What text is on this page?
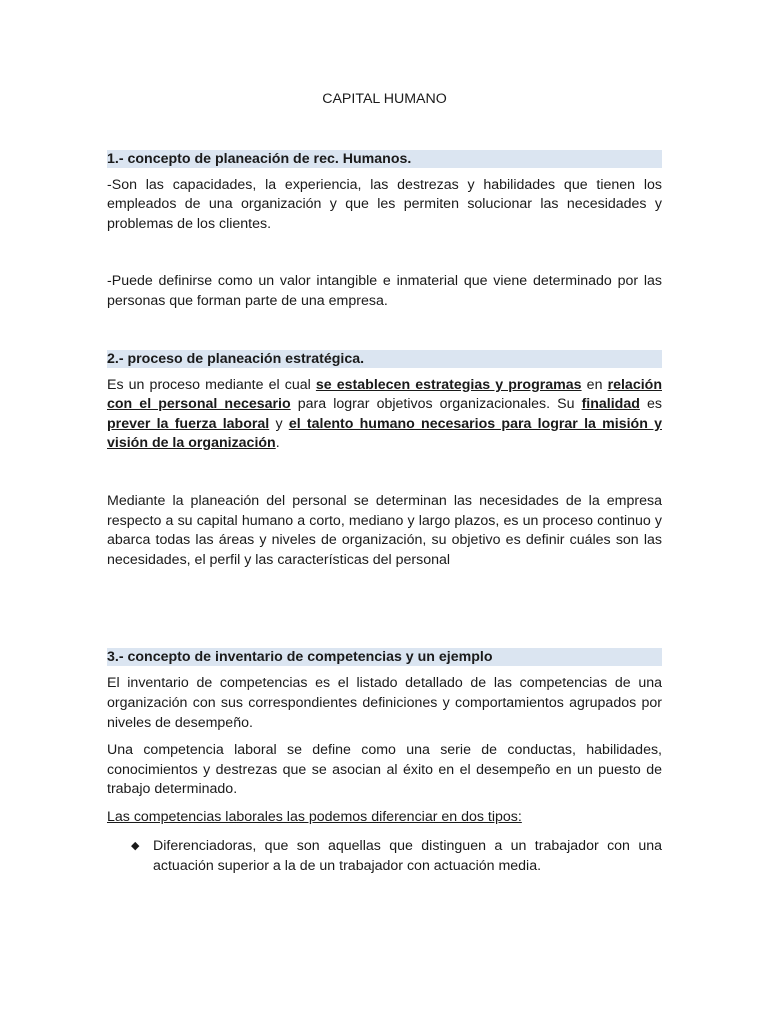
CAPITAL HUMANO
1.- concepto de planeación de rec. Humanos.

-Son las capacidades, la experiencia, las destrezas y habilidades que tienen los empleados de una organización y que les permiten solucionar las necesidades y problemas de los clientes.

-Puede definirse como un valor intangible e inmaterial que viene determinado por las personas que forman parte de una empresa.

2.- proceso de planeación estratégica.

Es un proceso mediante el cual se establecen estrategias y programas en relación con el personal necesario para lograr objetivos organizacionales. Su finalidad es prever la fuerza laboral y el talento humano necesarios para lograr la misión y visión de la organización.

Mediante la planeación del personal se determinan las necesidades de la empresa respecto a su capital humano a corto, mediano y largo plazos, es un proceso continuo y abarca todas las áreas y niveles de organización, su objetivo es definir cuáles son las necesidades, el perfil y las características del personal

3.- concepto de inventario de competencias y un ejemplo

El inventario de competencias es el listado detallado de las competencias de una organización con sus correspondientes definiciones y comportamientos agrupados por niveles de desempeño.

Una competencia laboral se define como una serie de conductas, habilidades, conocimientos y destrezas que se asocian al éxito en el desempeño en un puesto de trabajo determinado.

Las competencias laborales las podemos diferenciar en dos tipos:

◆ Diferenciadoras, que son aquellas que distinguen a un trabajador con una actuación superior a la de un trabajador con actuación media.
